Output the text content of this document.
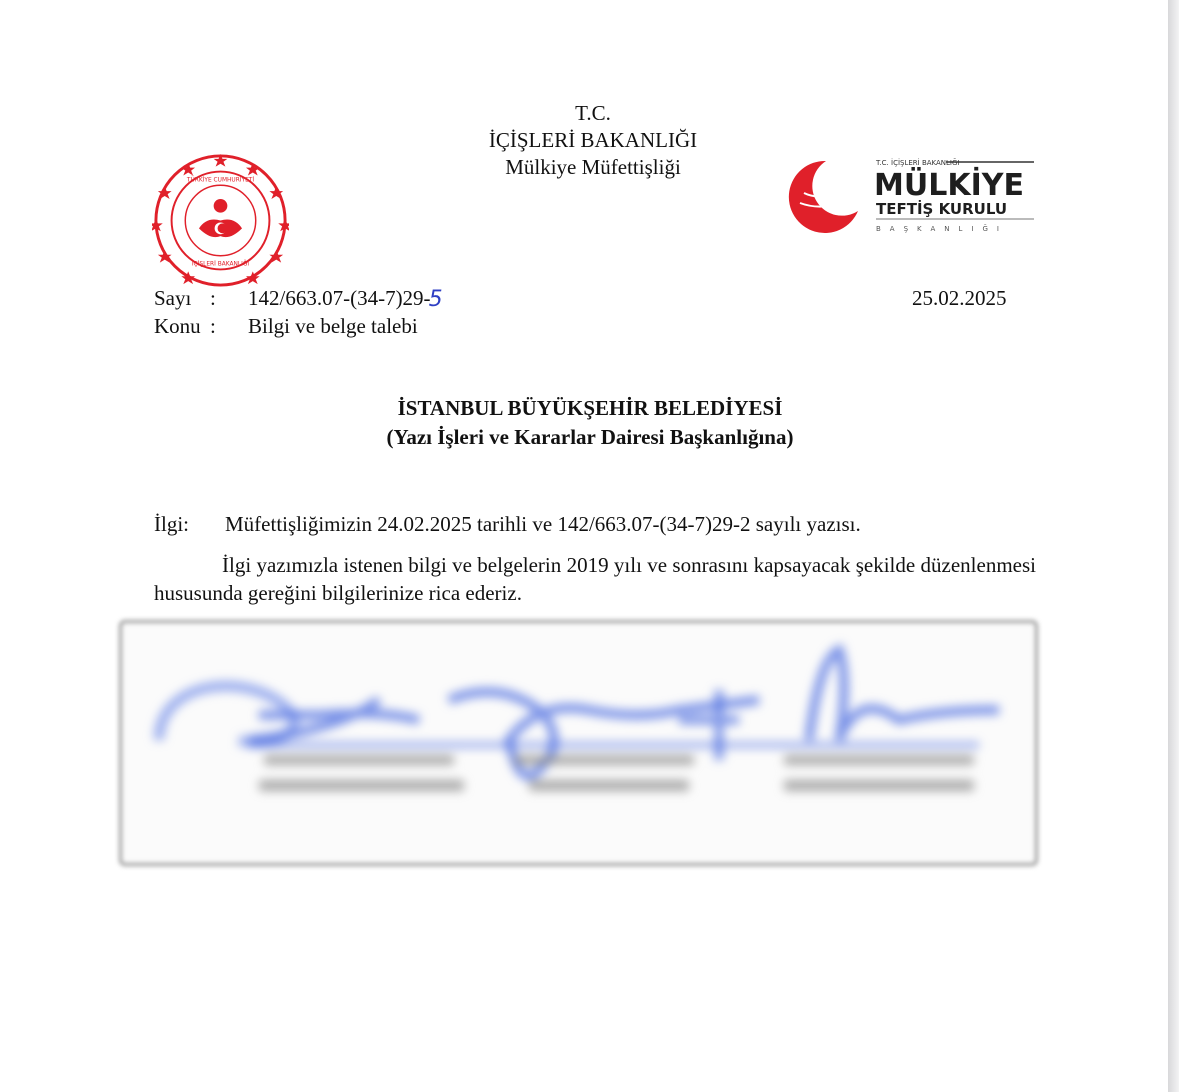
T.C.
İÇİŞLERİ BAKANLIĞI
Mülkiye Müfettişliği
TÜRKİYE CUMHURİYETİ
İÇİŞLERİ BAKANLIĞI
T.C. İÇİŞLERİ BAKANLIĞI
MÜLKİYE
TEFTİŞ KURULU
BAŞKANLIĞI
Sayı : 142/663.07-(34-7)29-5
Konu : Bilgi ve belge talebi
25.02.2025
İSTANBUL BÜYÜKŞEHİR BELEDİYESİ
(Yazı İşleri ve Kararlar Dairesi Başkanlığına)
İlgi: Müfettişliğimizin 24.02.2025 tarihli ve 142/663.07-(34-7)29-2 sayılı yazısı.
İlgi yazımızla istenen bilgi ve belgelerin 2019 yılı ve sonrasını kapsayacak şekilde düzenlenmesi hususunda gereğini bilgilerinize rica ederiz.
